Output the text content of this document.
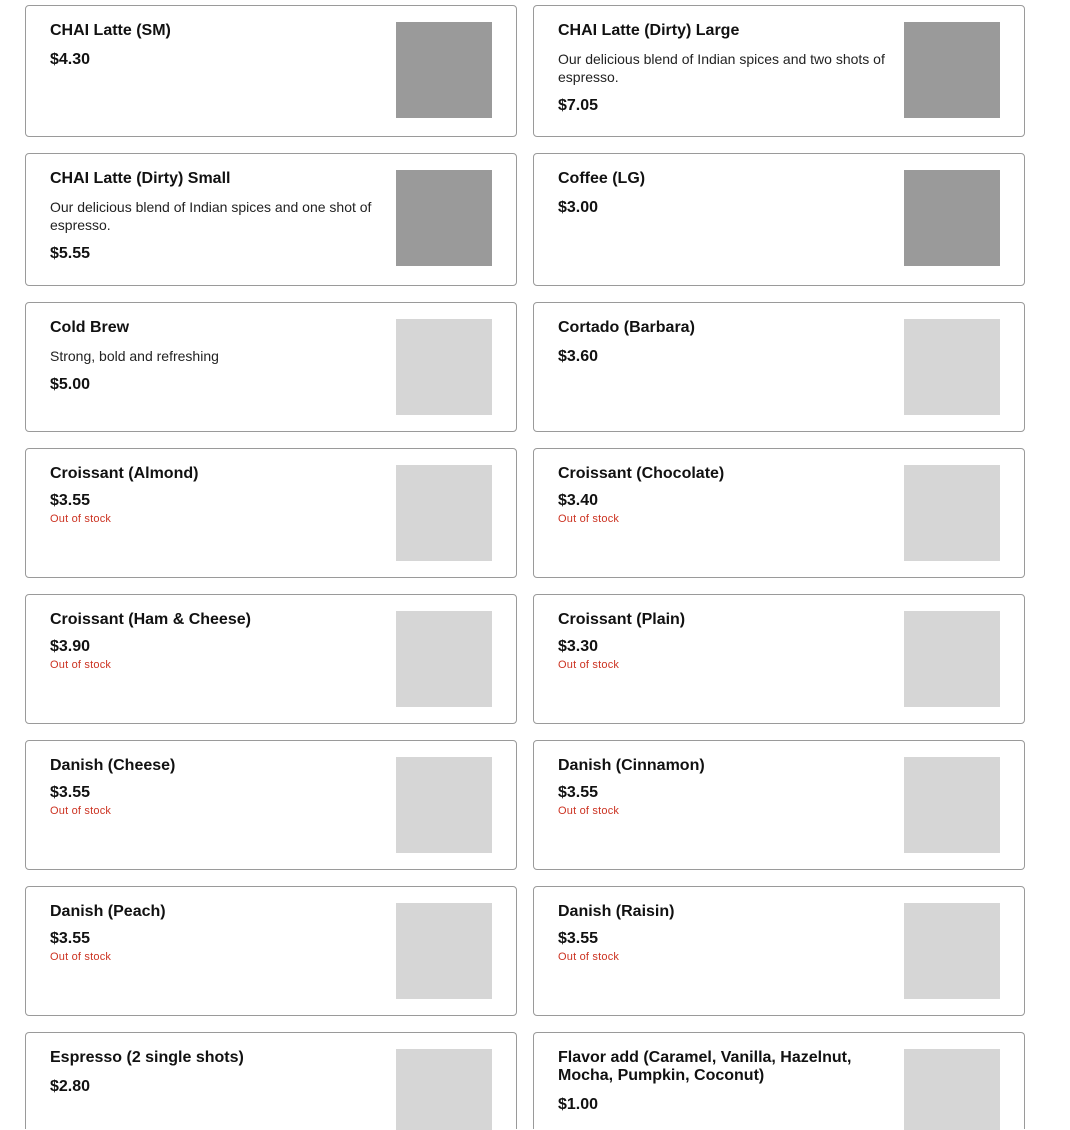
CHAI Latte (SM)

$4.30

CHAI Latte (Dirty) Large

Our delicious blend of Indian spices and two shots of espresso.

$7.05

CHAI Latte (Dirty) Small

Our delicious blend of Indian spices and one shot of espresso.

$5.55

Coffee (LG)

$3.00

Cold Brew

Strong, bold and refreshing

$5.00

Cortado (Barbara)

$3.60

Croissant (Almond)

$3.55

Out of stock

Croissant (Chocolate)

$3.40

Out of stock

Croissant (Ham & Cheese)

$3.90

Out of stock

Croissant (Plain)

$3.30

Out of stock

Danish (Cheese)

$3.55

Out of stock

Danish (Cinnamon)

$3.55

Out of stock

Danish (Peach)

$3.55

Out of stock

Danish (Raisin)

$3.55

Out of stock

Espresso (2 single shots)

$2.80

Flavor add (Caramel, Vanilla, Hazelnut, Mocha, Pumpkin, Coconut)

$1.00
